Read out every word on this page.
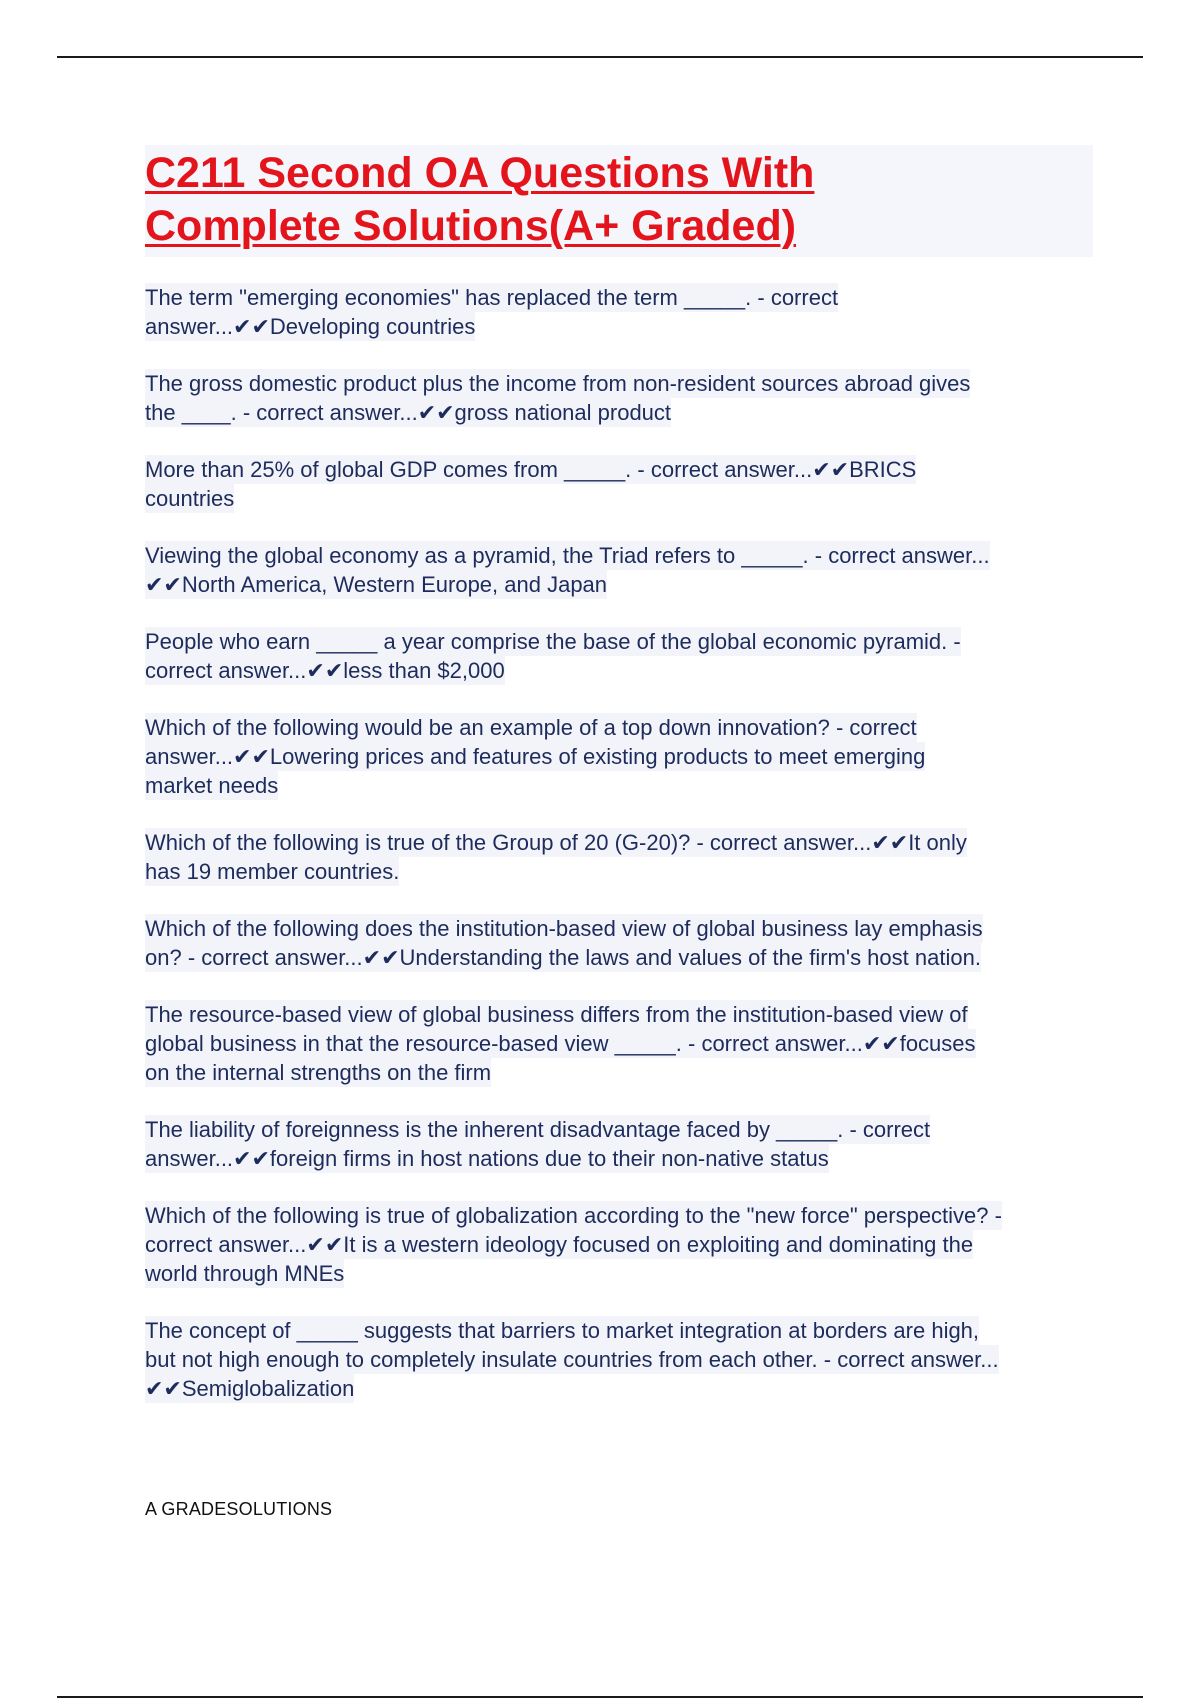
C211 Second OA Questions With
Complete Solutions(A+ Graded)
The term "emerging economies" has replaced the term _____. - correct
answer...✔✔Developing countries
The gross domestic product plus the income from non-resident sources abroad gives
the ____. - correct answer...✔✔gross national product
More than 25% of global GDP comes from _____. - correct answer...✔✔BRICS
countries
Viewing the global economy as a pyramid, the Triad refers to _____. - correct answer...
✔✔North America, Western Europe, and Japan
People who earn _____ a year comprise the base of the global economic pyramid. -
correct answer...✔✔less than $2,000
Which of the following would be an example of a top down innovation? - correct
answer...✔✔Lowering prices and features of existing products to meet emerging
market needs
Which of the following is true of the Group of 20 (G-20)? - correct answer...✔✔It only
has 19 member countries.
Which of the following does the institution-based view of global business lay emphasis
on? - correct answer...✔✔Understanding the laws and values of the firm's host nation.
The resource-based view of global business differs from the institution-based view of
global business in that the resource-based view _____. - correct answer...✔✔focuses
on the internal strengths on the firm
The liability of foreignness is the inherent disadvantage faced by _____. - correct
answer...✔✔foreign firms in host nations due to their non-native status
Which of the following is true of globalization according to the "new force" perspective? -
correct answer...✔✔It is a western ideology focused on exploiting and dominating the
world through MNEs
The concept of _____ suggests that barriers to market integration at borders are high,
but not high enough to completely insulate countries from each other. - correct answer...
✔✔Semiglobalization
A GRADESOLUTIONS
